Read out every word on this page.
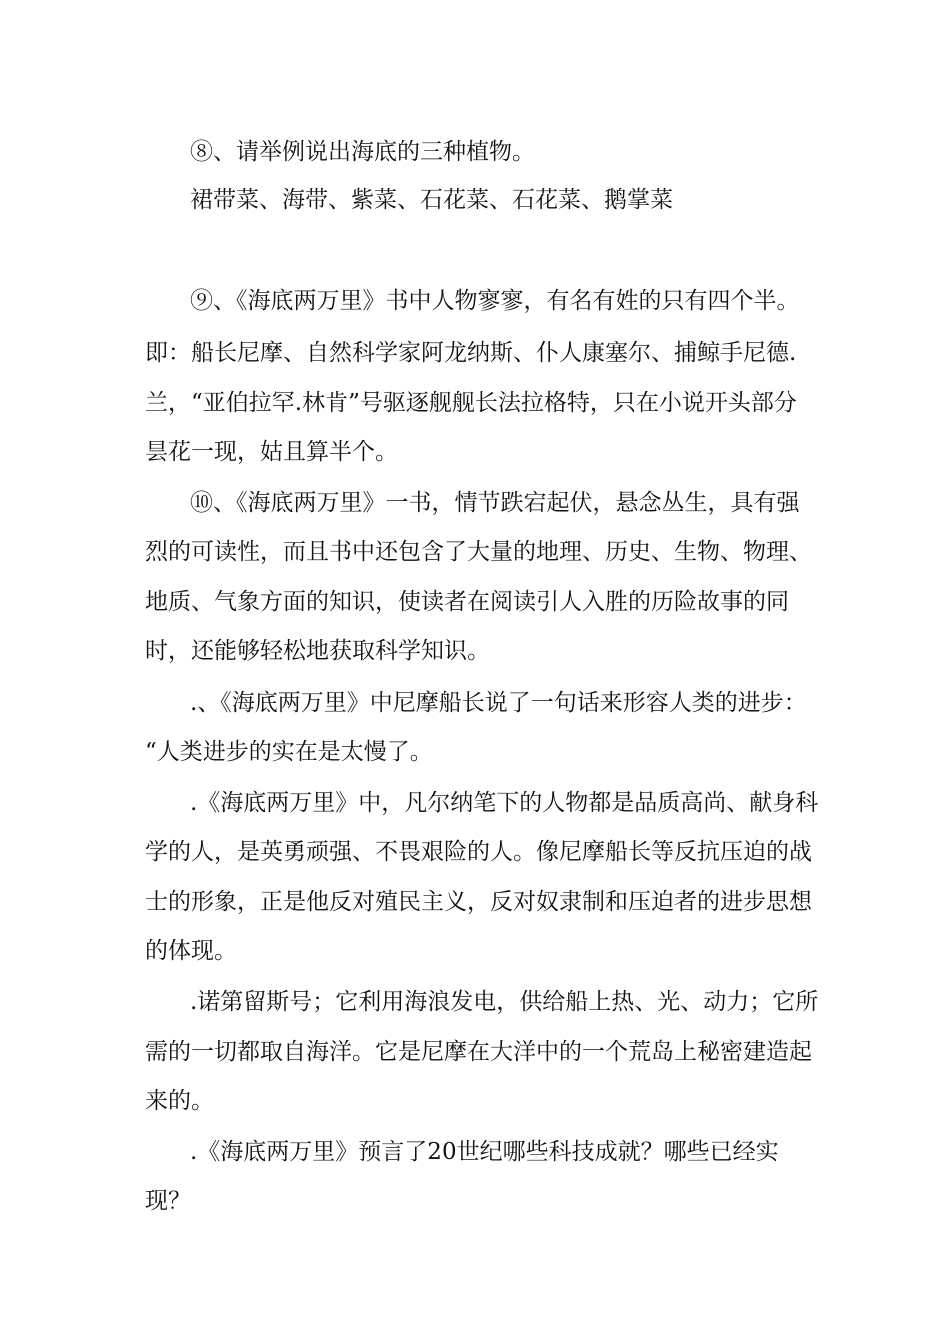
⑧、请举例说出海底的三种植物。
裙带菜、海带、紫菜、石花菜、石花菜、鹅掌菜
⑨、《海底两万里》书中人物寥寥，有名有姓的只有四个半。
即：船长尼摩、自然科学家阿龙纳斯、仆人康塞尔、捕鲸手尼德.
兰，“亚伯拉罕.林肯”号驱逐舰舰长法拉格特，只在小说开头部分
昙花一现，姑且算半个。
⑩、《海底两万里》一书，情节跌宕起伏，悬念丛生，具有强
烈的可读性，而且书中还包含了大量的地理、历史、生物、物理、
地质、气象方面的知识，使读者在阅读引人入胜的历险故事的同
时，还能够轻松地获取科学知识。
.、《海底两万里》中尼摩船长说了一句话来形容人类的进步：
“人类进步的实在是太慢了。
.《海底两万里》中，凡尔纳笔下的人物都是品质高尚、献身科
学的人，是英勇顽强、不畏艰险的人。像尼摩船长等反抗压迫的战
士的形象，正是他反对殖民主义，反对奴隶制和压迫者的进步思想
的体现。
.诺第留斯号；它利用海浪发电，供给船上热、光、动力；它所
需的一切都取自海洋。它是尼摩在大洋中的一个荒岛上秘密建造起
来的。
.《海底两万里》预言了20世纪哪些科技成就？哪些已经实
现？
